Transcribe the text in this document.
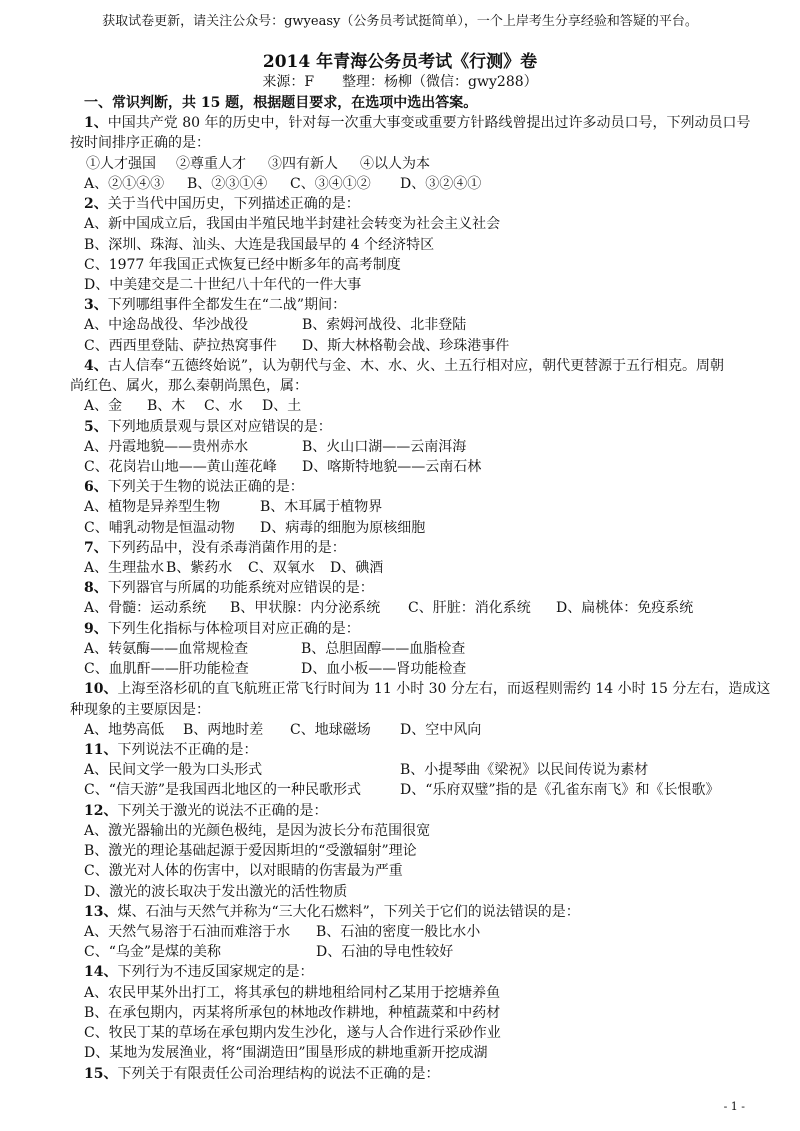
获取试卷更新，请关注公众号：gwyeasy（公务员考试挺简单），一个上岸考生分享经验和答疑的平台。
2014 年青海公务员考试《行测》卷
来源：F 整理：杨柳（微信：gwy288）
一、常识判断，共 15 题，根据题目要求，在选项中选出答案。
1、中国共产党 80 年的历史中，针对每一次重大事变或重要方针路线曾提出过许多动员口号，下列动员口号
按时间排序正确的是：
①人才强国 ②尊重人才 ③四有新人 ④以人为本
A、②①④③ B、②③①④ C、③④①② D、③②④①
2、关于当代中国历史，下列描述正确的是：
A、新中国成立后，我国由半殖民地半封建社会转变为社会主义社会
B、深圳、珠海、汕头、大连是我国最早的 4 个经济特区
C、1977 年我国正式恢复已经中断多年的高考制度
D、中美建交是二十世纪八十年代的一件大事
3、下列哪组事件全都发生在“二战”期间：
A、中途岛战役、华沙战役	B、索姆河战役、北非登陆
C、西西里登陆、萨拉热窝事件 D、斯大林格勒会战、珍珠港事件
4、古人信奉“五德终始说”，认为朝代与金、木、水、火、土五行相对应，朝代更替源于五行相克。周朝
尚红色、属火，那么秦朝尚黑色，属：
A、金 B、木 C、水 D、土
5、下列地质景观与景区对应错误的是：
A、丹霞地貌——贵州赤水	B、火山口湖——云南洱海
C、花岗岩山地——黄山莲花峰 D、喀斯特地貌——云南石林
6、下列关于生物的说法正确的是：
A、植物是异养型生物	B、木耳属于植物界
C、哺乳动物是恒温动物 D、病毒的细胞为原核细胞
7、下列药品中，没有杀毒消菌作用的是：
A、生理盐水 B、紫药水 C、双氧水 D、碘酒
8、下列器官与所属的功能系统对应错误的是：
A、骨髓：运动系统 B、甲状腺：内分泌系统 C、肝脏：消化系统 D、扁桃体：免疫系统
9、下列生化指标与体检项目对应正确的是：
A、转氨酶——血常规检查	B、总胆固醇——血脂检查
C、血肌酐——肝功能检查	D、血小板——肾功能检查
10、上海至洛杉矶的直飞航班正常飞行时间为 11 小时 30 分左右，而返程则需约 14 小时 15 分左右，造成这
种现象的主要原因是：
A、地势高低 B、两地时差 C、地球磁场 D、空中风向
11、下列说法不正确的是：
A、民间文学一般为口头形式	B、小提琴曲《梁祝》以民间传说为素材
C、“信天游”是我国西北地区的一种民歌形式	D、“乐府双璧”指的是《孔雀东南飞》和《长恨歌》
12、下列关于激光的说法不正确的是：
A、激光器输出的光颜色极纯，是因为波长分布范围很宽
B、激光的理论基础起源于爱因斯坦的“受激辐射”理论
C、激光对人体的伤害中，以对眼睛的伤害最为严重
D、激光的波长取决于发出激光的活性物质
13、煤、石油与天然气并称为“三大化石燃料”，下列关于它们的说法错误的是：
A、天然气易溶于石油而难溶于水 B、石油的密度一般比水小
C、“乌金”是煤的美称	D、石油的导电性较好
14、下列行为不违反国家规定的是：
A、农民甲某外出打工，将其承包的耕地租给同村乙某用于挖塘养鱼
B、在承包期内，丙某将所承包的林地改作耕地，种植蔬菜和中药材
C、牧民丁某的草场在承包期内发生沙化，遂与人合作进行采砂作业
D、某地为发展渔业，将“围湖造田”围垦形成的耕地重新开挖成湖
15、下列关于有限责任公司治理结构的说法不正确的是：
- 1 -
